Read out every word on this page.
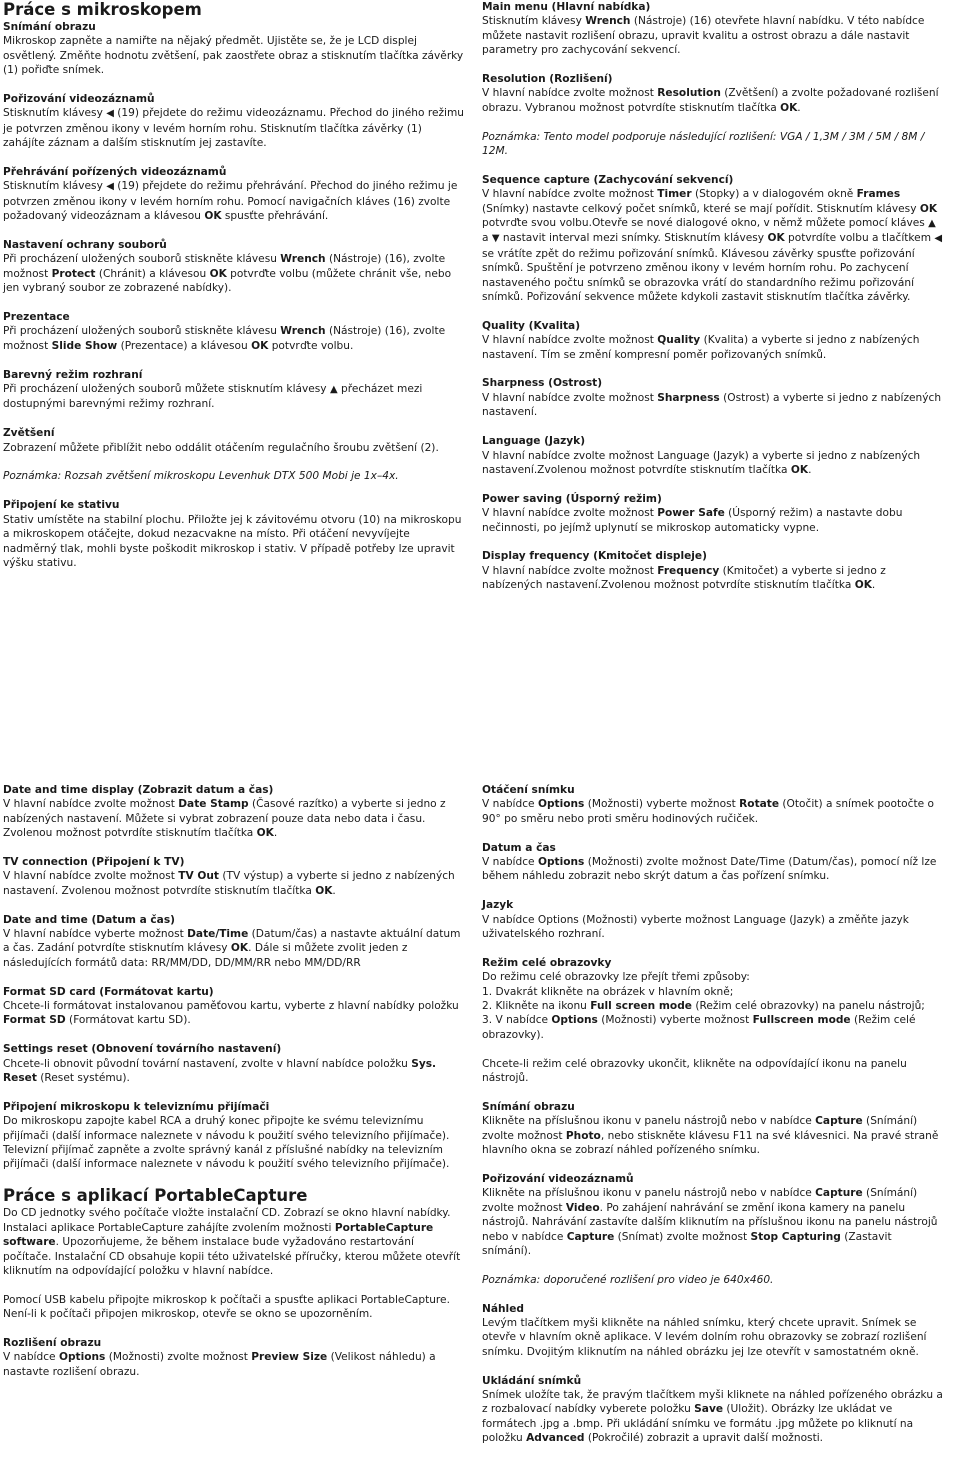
Práce s mikroskopem
Snímání obrazu

Mikroskop zapněte a namiřte na nějaký předmět. Ujistěte se, že je LCD displej osvětlený. Změňte hodnotu zvětšení, pak zaostřete obraz a stisknutím tlačítka závěrky (1) pořiďte snímek.

Pořizování videozáznamů

Stisknutím klávesy ◀ (19) přejdete do režimu videozáznamu. Přechod do jiného režimu je potvrzen změnou ikony v levém horním rohu. Stisknutím tlačítka závěrky (1) zahájíte záznam a dalším stisknutím jej zastavíte.

Přehrávání pořízených videozáznamů

Stisknutím klávesy ◀ (19) přejdete do režimu přehrávání. Přechod do jiného režimu je potvrzen změnou ikony v levém horním rohu. Pomocí navigačních kláves (16) zvolte požadovaný videozáznam a klávesou OK spusťte přehrávání.

Nastavení ochrany souborů

Při procházení uložených souborů stiskněte klávesu Wrench (Nástroje) (16), zvolte možnost Protect (Chránit) a klávesou OK potvrďte volbu (můžete chránit vše, nebo jen vybraný soubor ze zobrazené nabídky).

Prezentace

Při procházení uložených souborů stiskněte klávesu Wrench (Nástroje) (16), zvolte možnost Slide Show (Prezentace) a klávesou OK potvrďte volbu.

Barevný režim rozhraní

Při procházení uložených souborů můžete stisknutím klávesy ▲ přecházet mezi dostupnými barevnými režimy rozhraní.

Zvětšení

Zobrazení můžete přiblížit nebo oddálit otáčením regulačního šroubu zvětšení (2).

Poznámka: Rozsah zvětšení mikroskopu Levenhuk DTX 500 Mobi je 1x–4x.

Připojení ke stativu

Stativ umístěte na stabilní plochu. Přiložte jej k závitovému otvoru (10) na mikroskopu a mikroskopem otáčejte, dokud nezacvakne na místo. Při otáčení nevyvíjejte nadměrný tlak, mohli byste poškodit mikroskop i stativ. V případě potřeby lze upravit výšku stativu.

Main menu (Hlavní nabídka)

Stisknutím klávesy Wrench (Nástroje) (16) otevřete hlavní nabídku. V této nabídce můžete nastavit rozlišení obrazu, upravit kvalitu a ostrost obrazu a dále nastavit parametry pro zachycování sekvencí.

Resolution (Rozlišení)

V hlavní nabídce zvolte možnost Resolution (Zvětšení) a zvolte požadované rozlišení obrazu. Vybranou možnost potvrdíte stisknutím tlačítka OK.

Poznámka: Tento model podporuje následující rozlišení: VGA / 1,3M / 3M / 5M / 8M / 12M.

Sequence capture (Zachycování sekvencí)

V hlavní nabídce zvolte možnost Timer (Stopky) a v dialogovém okně Frames (Snímky) nastavte celkový počet snímků, které se mají pořídit. Stisknutím klávesy OK potvrďte svou volbu.Otevře se nové dialogové okno, v němž můžete pomocí kláves ▲ a ▼ nastavit interval mezi snímky. Stisknutím klávesy OK potvrdíte volbu a tlačítkem ◀ se vrátíte zpět do režimu pořizování snímků. Klávesou závěrky spusťte pořizování snímků. Spuštění je potvrzeno změnou ikony v levém horním rohu. Po zachycení nastaveného počtu snímků se obrazovka vrátí do standardního režimu pořizování snímků. Pořizování sekvence můžete kdykoli zastavit stisknutím tlačítka závěrky.

Quality (Kvalita)

V hlavní nabídce zvolte možnost Quality (Kvalita) a vyberte si jedno z nabízených nastavení. Tím se změní kompresní poměr pořizovaných snímků.

Sharpness (Ostrost)

V hlavní nabídce zvolte možnost Sharpness (Ostrost) a vyberte si jedno z nabízených nastavení.

Language (Jazyk)

V hlavní nabídce zvolte možnost Language (Jazyk) a vyberte si jedno z nabízených nastavení.Zvolenou možnost potvrdíte stisknutím tlačítka OK.

Power saving (Úsporný režim)

V hlavní nabídce zvolte možnost Power Safe (Úsporný režim) a nastavte dobu nečinnosti, po jejímž uplynutí se mikroskop automaticky vypne.

Display frequency (Kmitočet displeje)

V hlavní nabídce zvolte možnost Frequency (Kmitočet) a vyberte si jedno z nabízených nastavení.Zvolenou možnost potvrdíte stisknutím tlačítka OK.

Date and time display (Zobrazit datum a čas)

V hlavní nabídce zvolte možnost Date Stamp (Časové razítko) a vyberte si jedno z nabízených nastavení. Můžete si vybrat zobrazení pouze data nebo data i času. Zvolenou možnost potvrdíte stisknutím tlačítka OK.

TV connection (Připojení k TV)

V hlavní nabídce zvolte možnost TV Out (TV výstup) a vyberte si jedno z nabízených nastavení. Zvolenou možnost potvrdíte stisknutím tlačítka OK.

Date and time (Datum a čas)

V hlavní nabídce vyberte možnost Date/Time (Datum/čas) a nastavte aktuální datum a čas. Zadání potvrdíte stisknutím klávesy OK. Dále si můžete zvolit jeden z následujících formátů data: RR/MM/DD, DD/MM/RR nebo MM/DD/RR

Format SD card (Formátovat kartu)

Chcete-li formátovat instalovanou paměťovou kartu, vyberte z hlavní nabídky položku Format SD (Formátovat kartu SD).

Settings reset (Obnovení továrního nastavení)

Chcete-li obnovit původní tovární nastavení, zvolte v hlavní nabídce položku Sys. Reset (Reset systému).

Připojení mikroskopu k televiznímu přijímači

Do mikroskopu zapojte kabel RCA a druhý konec připojte ke svému televiznímu přijímači (další informace naleznete v návodu k použití svého televizního přijímače). Televizní přijímač zapněte a zvolte správný kanál z příslušné nabídky na televizním přijímači (další informace naleznete v návodu k použití svého televizního přijímače).

Práce s aplikací PortableCapture

Do CD jednotky svého počítače vložte instalační CD. Zobrazí se okno hlavní nabídky. Instalaci aplikace PortableCapture zahájíte zvolením možnosti PortableCapture software. Upozorňujeme, že během instalace bude vyžadováno restartování počítače. Instalační CD obsahuje kopii této uživatelské příručky, kterou můžete otevřít kliknutím na odpovídající položku v hlavní nabídce.

Pomocí USB kabelu připojte mikroskop k počítači a spusťte aplikaci PortableCapture. Není-li k počítači připojen mikroskop, otevře se okno se upozorněním.

Rozlišení obrazu

V nabídce Options (Možnosti) zvolte možnost Preview Size (Velikost náhledu) a nastavte rozlišení obrazu.

Otáčení snímku

V nabídce Options (Možnosti) vyberte možnost Rotate (Otočit) a snímek pootočte o 90° po směru nebo proti směru hodinových ručiček.

Datum a čas

V nabídce Options (Možnosti) zvolte možnost Date/Time (Datum/čas), pomocí níž lze během náhledu zobrazit nebo skrýt datum a čas pořízení snímku.

Jazyk

V nabídce Options (Možnosti) vyberte možnost Language (Jazyk) a změňte jazyk uživatelského rozhraní.

Režim celé obrazovky

Do režimu celé obrazovky lze přejít třemi způsoby:

1. Dvakrát klikněte na obrázek v hlavním okně;
2. Klikněte na ikonu Full screen mode (Režim celé obrazovky) na panelu nástrojů;
3. V nabídce Options (Možnosti) vyberte možnost Fullscreen mode (Režim celé obrazovky).

Chcete-li režim celé obrazovky ukončit, klikněte na odpovídající ikonu na panelu nástrojů.

Snímání obrazu

Klikněte na příslušnou ikonu v panelu nástrojů nebo v nabídce Capture (Snímání) zvolte možnost Photo, nebo stiskněte klávesu F11 na své klávesnici. Na pravé straně hlavního okna se zobrazí náhled pořízeného snímku.

Pořizování videozáznamů

Klikněte na příslušnou ikonu v panelu nástrojů nebo v nabídce Capture (Snímání) zvolte možnost Video. Po zahájení nahrávání se změní ikona kamery na panelu nástrojů. Nahrávání zastavíte dalším kliknutím na příslušnou ikonu na panelu nástrojů nebo v nabídce Capture (Snímat) zvolte možnost Stop Capturing (Zastavit snímání).

Poznámka: doporučené rozlišení pro video je 640x460.

Náhled

Levým tlačítkem myši klikněte na náhled snímku, který chcete upravit. Snímek se otevře v hlavním okně aplikace. V levém dolním rohu obrazovky se zobrazí rozlišení snímku. Dvojitým kliknutím na náhled obrázku jej lze otevřít v samostatném okně.

Ukládání snímků

Snímek uložíte tak, že pravým tlačítkem myši kliknete na náhled pořízeného obrázku a z rozbalovací nabídky vyberete položku Save (Uložit). Obrázky lze ukládat ve formátech .jpg a .bmp. Při ukládání snímku ve formátu .jpg můžete po kliknutí na položku Advanced (Pokročilé) zobrazit a upravit další možnosti.
